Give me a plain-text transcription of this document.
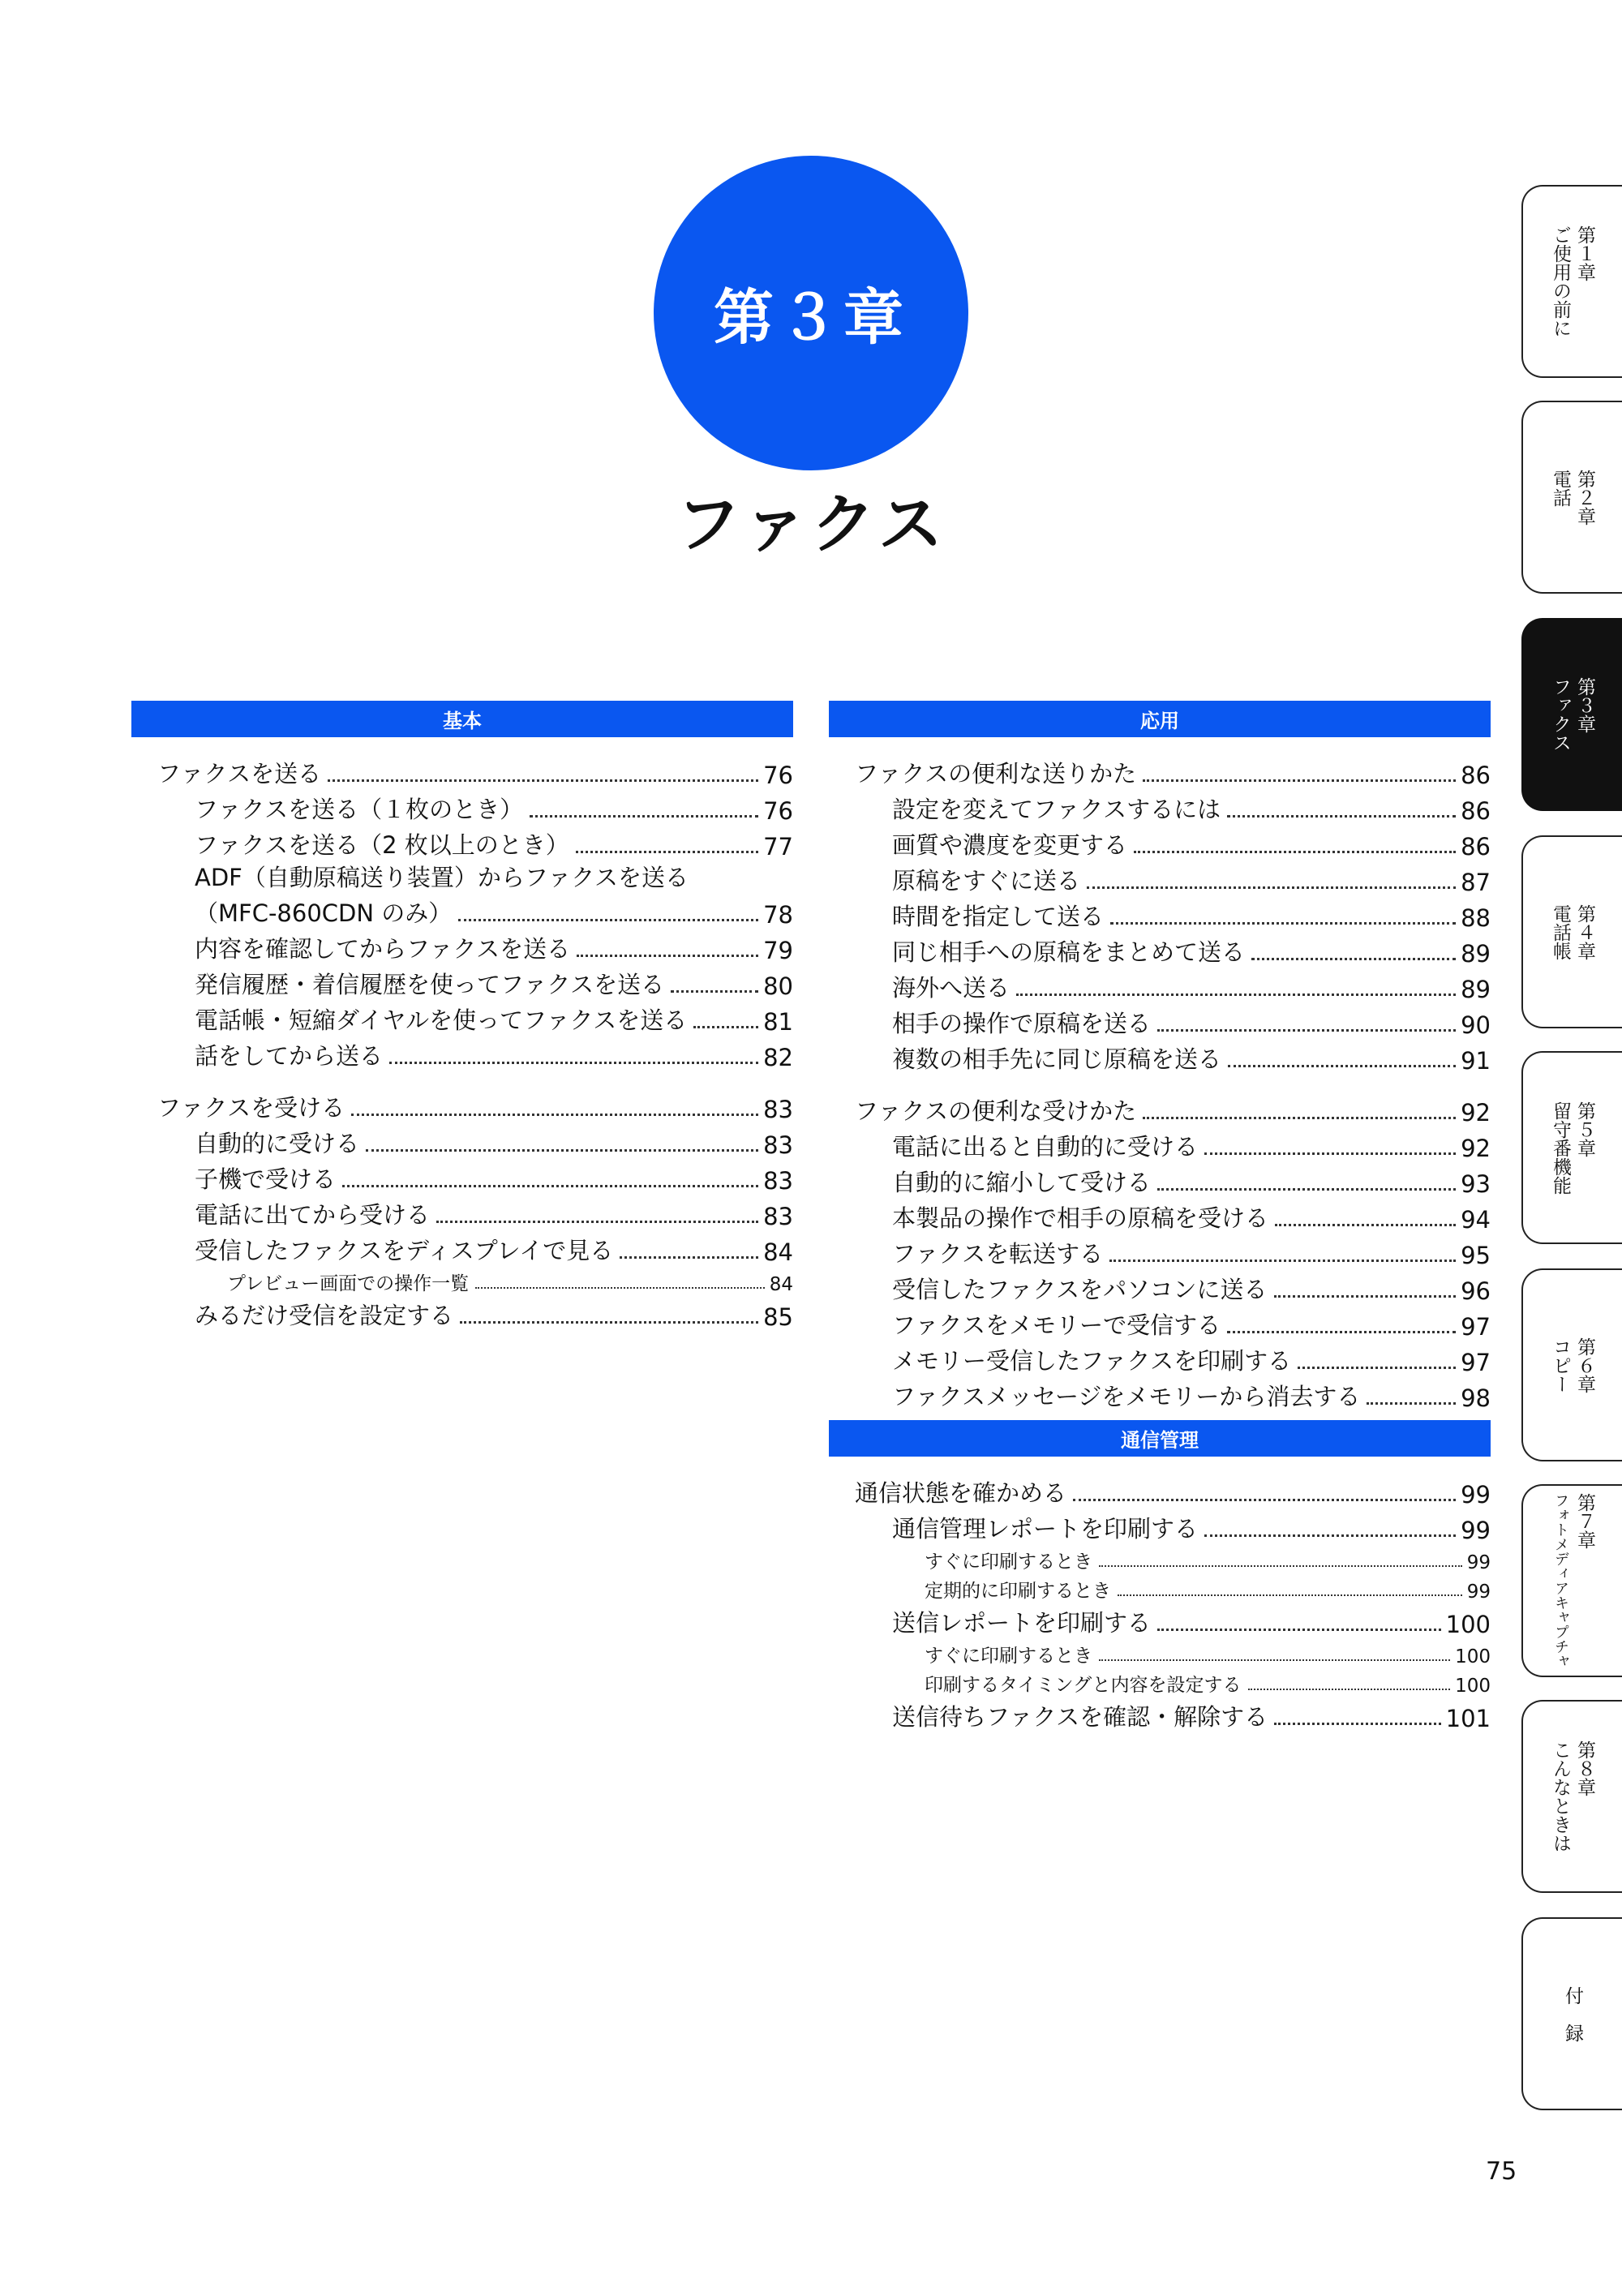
第３章
ファクス
基本
ファクスを送る	76
ファクスを送る（１枚のとき）	76
ファクスを送る（2 枚以上のとき）	77
ADF（自動原稿送り装置）からファクスを送る
（MFC-860CDN のみ）	78
内容を確認してからファクスを送る	79
発信履歴・着信履歴を使ってファクスを送る	80
電話帳・短縮ダイヤルを使ってファクスを送る	81
話をしてから送る	82
ファクスを受ける	83
自動的に受ける	83
子機で受ける	83
電話に出てから受ける	83
受信したファクスをディスプレイで見る	84
プレビュー画面での操作一覧	84
みるだけ受信を設定する	85
応用
ファクスの便利な送りかた	86
設定を変えてファクスするには	86
画質や濃度を変更する	86
原稿をすぐに送る	87
時間を指定して送る	88
同じ相手への原稿をまとめて送る	89
海外へ送る	89
相手の操作で原稿を送る	90
複数の相手先に同じ原稿を送る	91
ファクスの便利な受けかた	92
電話に出ると自動的に受ける	92
自動的に縮小して受ける	93
本製品の操作で相手の原稿を受ける	94
ファクスを転送する	95
受信したファクスをパソコンに送る	96
ファクスをメモリーで受信する	97
メモリー受信したファクスを印刷する	97
ファクスメッセージをメモリーから消去する	98
通信管理
通信状態を確かめる	99
通信管理レポートを印刷する	99
すぐに印刷するとき	99
定期的に印刷するとき	99
送信レポートを印刷する	100
すぐに印刷するとき	100
印刷するタイミングと内容を設定する	100
送信待ちファクスを確認・解除する	101
第１章
ご使用の前に
第２章
電話
第３章
ファクス
第４章
電話帳
第５章
留守番機能
第６章
コピー
第７章
フォトメディアキャプチャ
第８章
こんなときは
付　録
75
